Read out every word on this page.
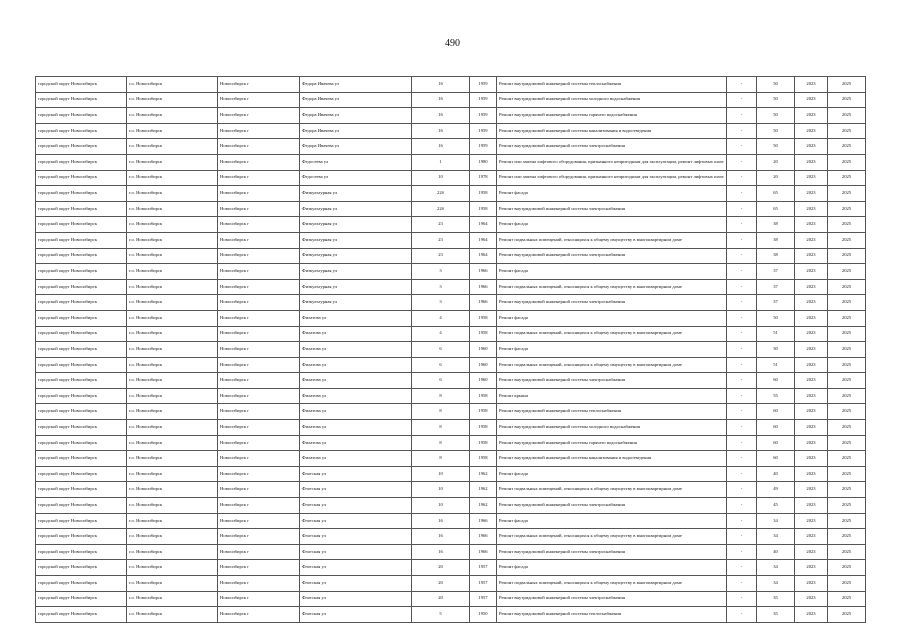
490
городской округ Новосибирск	г.о. Новосибирск	Новосибирск г	Федора Ивачева ул	16	1959	Ремонт внутридомовой инженерной системы теплоснабжения	-	50	2023	2025
городской округ Новосибирск	г.о. Новосибирск	Новосибирск г	Федора Ивачева ул	16	1959	Ремонт внутридомовой инженерной системы холодного водоснабжения	-	50	2023	2025
городской округ Новосибирск	г.о. Новосибирск	Новосибирск г	Федора Ивачева ул	16	1959	Ремонт внутридомовой инженерной системы горячего водоснабжения	-	50	2023	2025
городской округ Новосибирск	г.о. Новосибирск	Новосибирск г	Федора Ивачева ул	16	1959	Ремонт внутридомовой инженерной системы канализования и водоотведения	-	50	2023	2025
городской округ Новосибирск	г.о. Новосибирск	Новосибирск г	Федора Ивачева ул	16	1959	Ремонт внутридомовой инженерной системы электроснабжения	-	50	2023	2025
городской округ Новосибирск	г.о. Новосибирск	Новосибирск г	Федосеева ул	1	1980	Ремонт или замена лифтового оборудования, признанного непригодным для эксплуатации, ремонт лифтовых шахт	-	20	2023	2025
городской округ Новосибирск	г.о. Новосибирск	Новосибирск г	Федосеева ул	10	1978	Ремонт или замена лифтового оборудования, признанного непригодным для эксплуатации, ремонт лифтовых шахт	-	20	2023	2025
городской округ Новосибирск	г.о. Новосибирск	Новосибирск г	Физкультурная ул	22б	1958	Ремонт фасада	-	65	2023	2025
городской округ Новосибирск	г.о. Новосибирск	Новосибирск г	Физкультурная ул	22б	1958	Ремонт внутридомовой инженерной системы электроснабжения	-	65	2023	2025
городской округ Новосибирск	г.о. Новосибирск	Новосибирск г	Физкультурная ул	23	1964	Ремонт фасада	-	38	2023	2025
городской округ Новосибирск	г.о. Новосибирск	Новосибирск г	Физкультурная ул	23	1964	Ремонт подвальных помещений, относящихся к общему имуществу в многоквартирном доме	-	38	2023	2025
городской округ Новосибирск	г.о. Новосибирск	Новосибирск г	Физкультурная ул	23	1964	Ремонт внутридомовой инженерной системы электроснабжения	-	38	2023	2025
городской округ Новосибирск	г.о. Новосибирск	Новосибирск г	Физкультурная ул	3	1966	Ремонт фасада	-	37	2023	2025
городской округ Новосибирск	г.о. Новосибирск	Новосибирск г	Физкультурная ул	3	1966	Ремонт подвальных помещений, относящихся к общему имуществу в многоквартирном доме	-	37	2023	2025
городской округ Новосибирск	г.о. Новосибирск	Новосибирск г	Физкультурная ул	3	1966	Ремонт внутридомовой инженерной системы электроснабжения	-	37	2023	2025
городской округ Новосибирск	г.о. Новосибирск	Новосибирск г	Филатова ул	4	1958	Ремонт фасада	-	50	2023	2025
городской округ Новосибирск	г.о. Новосибирск	Новосибирск г	Филатова ул	4	1958	Ремонт подвальных помещений, относящихся к общему имуществу в многоквартирном доме	-	51	2023	2025
городской округ Новосибирск	г.о. Новосибирск	Новосибирск г	Филатова ул	6	1960	Ремонт фасада	-	30	2023	2025
городской округ Новосибирск	г.о. Новосибирск	Новосибирск г	Филатова ул	6	1960	Ремонт подвальных помещений, относящихся к общему имуществу в многоквартирном доме	-	51	2023	2025
городской округ Новосибирск	г.о. Новосибирск	Новосибирск г	Филатова ул	6	1960	Ремонт внутридомовой инженерной системы электроснабжения	-	60	2023	2025
городской округ Новосибирск	г.о. Новосибирск	Новосибирск г	Филатова ул	8	1958	Ремонт крыши	-	55	2023	2025
городской округ Новосибирск	г.о. Новосибирск	Новосибирск г	Филатова ул	8	1958	Ремонт внутридомовой инженерной системы теплоснабжения	-	60	2023	2025
городской округ Новосибирск	г.о. Новосибирск	Новосибирск г	Филатова ул	8	1958	Ремонт внутридомовой инженерной системы холодного водоснабжения	-	60	2023	2025
городской округ Новосибирск	г.о. Новосибирск	Новосибирск г	Филатова ул	8	1958	Ремонт внутридомовой инженерной системы горячего водоснабжения	-	60	2023	2025
городской округ Новосибирск	г.о. Новосибирск	Новосибирск г	Филатова ул	8	1958	Ремонт внутридомовой инженерной системы канализования и водоотведения	-	60	2023	2025
городской округ Новосибирск	г.о. Новосибирск	Новосибирск г	Флотская ул	10	1962	Ремонт фасада	-	40	2023	2025
городской округ Новосибирск	г.о. Новосибирск	Новосибирск г	Флотская ул	10	1962	Ремонт подвальных помещений, относящихся к общему имуществу в многоквартирном доме	-	49	2023	2025
городской округ Новосибирск	г.о. Новосибирск	Новосибирск г	Флотская ул	10	1962	Ремонт внутридомовой инженерной системы электроснабжения	-	45	2023	2025
городской округ Новосибирск	г.о. Новосибирск	Новосибирск г	Флотская ул	16	1966	Ремонт фасада	-	34	2023	2025
городской округ Новосибирск	г.о. Новосибирск	Новосибирск г	Флотская ул	16	1966	Ремонт подвальных помещений, относящихся к общему имуществу в многоквартирном доме	-	34	2023	2025
городской округ Новосибирск	г.о. Новосибирск	Новосибирск г	Флотская ул	16	1966	Ремонт внутридомовой инженерной системы электроснабжения	-	40	2023	2025
городской округ Новосибирск	г.о. Новосибирск	Новосибирск г	Флотская ул	20	1957	Ремонт фасада	-	34	2023	2025
городской округ Новосибирск	г.о. Новосибирск	Новосибирск г	Флотская ул	20	1957	Ремонт подвальных помещений, относящихся к общему имуществу в многоквартирном доме	-	34	2023	2025
городской округ Новосибирск	г.о. Новосибирск	Новосибирск г	Флотская ул	20	1957	Ремонт внутридомовой инженерной системы электроснабжения	-	35	2023	2025
городской округ Новосибирск	г.о. Новосибирск	Новосибирск г	Флотская ул	5	1950	Ремонт внутридомовой инженерной системы теплоснабжения	-	35	2023	2025
